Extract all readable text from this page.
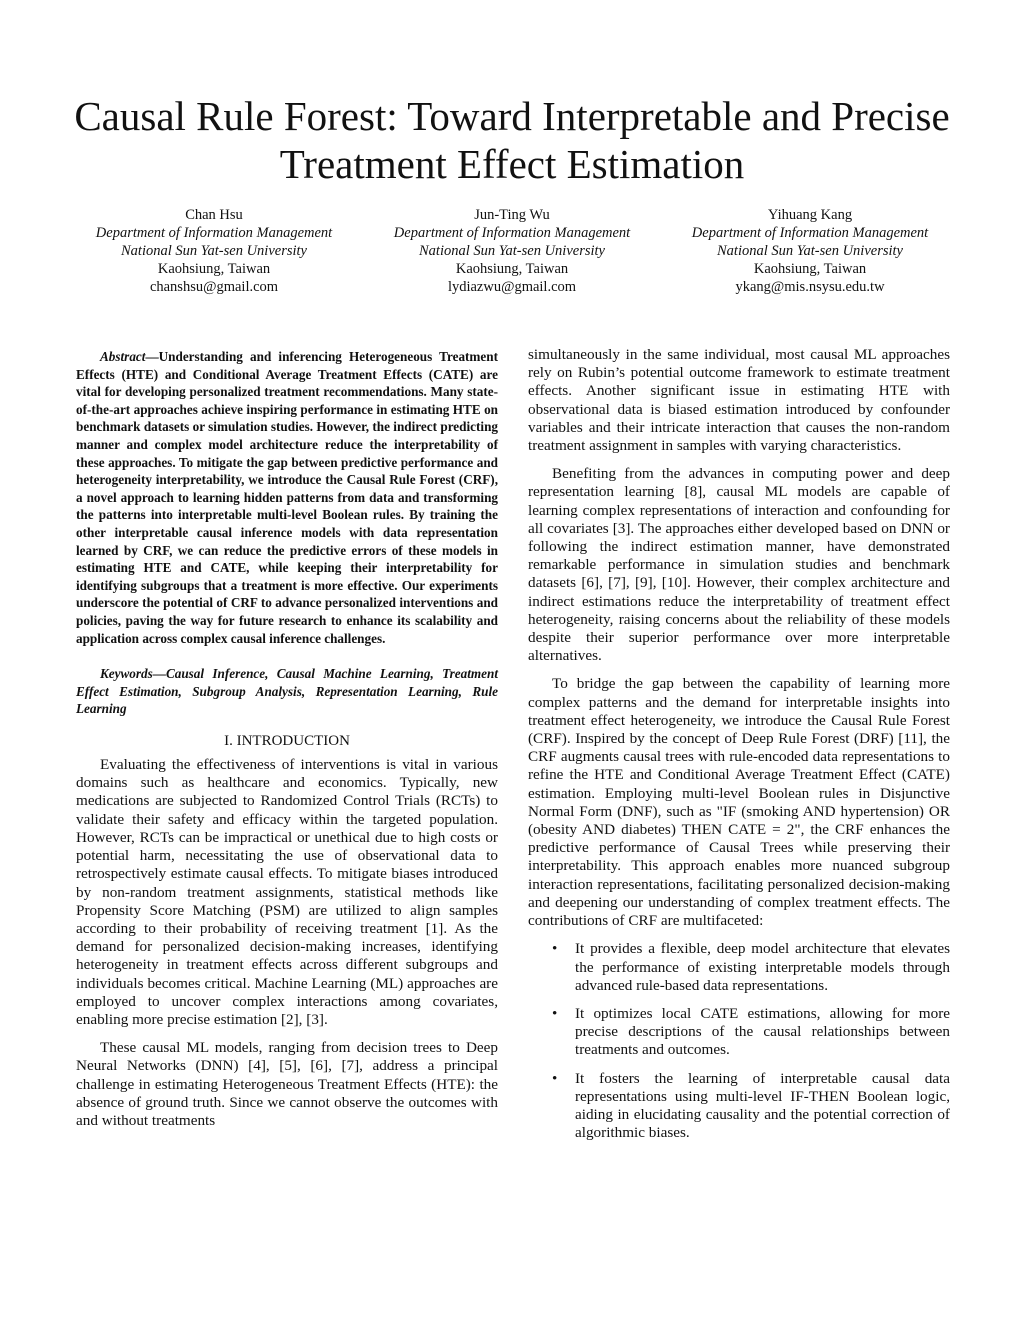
Causal Rule Forest: Toward Interpretable and Precise Treatment Effect Estimation
Chan Hsu
Department of Information Management
National Sun Yat-sen University
Kaohsiung, Taiwan
chanshsu@gmail.com
Jun-Ting Wu
Department of Information Management
National Sun Yat-sen University
Kaohsiung, Taiwan
lydiazwu@gmail.com
Yihuang Kang
Department of Information Management
National Sun Yat-sen University
Kaohsiung, Taiwan
ykang@mis.nsysu.edu.tw

Abstract—Understanding and inferencing Heterogeneous Treatment Effects (HTE) and Conditional Average Treatment Effects (CATE) are vital for developing personalized treatment recommendations. Many state-of-the-art approaches achieve inspiring performance in estimating HTE on benchmark datasets or simulation studies. However, the indirect predicting manner and complex model architecture reduce the interpretability of these approaches. To mitigate the gap between predictive performance and heterogeneity interpretability, we introduce the Causal Rule Forest (CRF), a novel approach to learning hidden patterns from data and transforming the patterns into interpretable multi-level Boolean rules. By training the other interpretable causal inference models with data representation learned by CRF, we can reduce the predictive errors of these models in estimating HTE and CATE, while keeping their interpretability for identifying subgroups that a treatment is more effective. Our experiments underscore the potential of CRF to advance personalized interventions and policies, paving the way for future research to enhance its scalability and application across complex causal inference challenges.

Keywords—Causal Inference, Causal Machine Learning, Treatment Effect Estimation, Subgroup Analysis, Representation Learning, Rule Learning

I. INTRODUCTION

Evaluating the effectiveness of interventions is vital in various domains such as healthcare and economics. Typically, new medications are subjected to Randomized Control Trials (RCTs) to validate their safety and efficacy within the targeted population. However, RCTs can be impractical or unethical due to high costs or potential harm, necessitating the use of observational data to retrospectively estimate causal effects. To mitigate biases introduced by non-random treatment assignments, statistical methods like Propensity Score Matching (PSM) are utilized to align samples according to their probability of receiving treatment [1]. As the demand for personalized decision-making increases, identifying heterogeneity in treatment effects across different subgroups and individuals becomes critical. Machine Learning (ML) approaches are employed to uncover complex interactions among covariates, enabling more precise estimation [2], [3].

These causal ML models, ranging from decision trees to Deep Neural Networks (DNN) [4], [5], [6], [7], address a principal challenge in estimating Heterogeneous Treatment Effects (HTE): the absence of ground truth. Since we cannot observe the outcomes with and without treatments

simultaneously in the same individual, most causal ML approaches rely on Rubin’s potential outcome framework to estimate treatment effects. Another significant issue in estimating HTE with observational data is biased estimation introduced by confounder variables and their intricate interaction that causes the non-random treatment assignment in samples with varying characteristics.

Benefiting from the advances in computing power and deep representation learning [8], causal ML models are capable of learning complex representations of interaction and confounding for all covariates [3]. The approaches either developed based on DNN or following the indirect estimation manner, have demonstrated remarkable performance in simulation studies and benchmark datasets [6], [7], [9], [10]. However, their complex architecture and indirect estimations reduce the interpretability of treatment effect heterogeneity, raising concerns about the reliability of these models despite their superior performance over more interpretable alternatives.

To bridge the gap between the capability of learning more complex patterns and the demand for interpretable insights into treatment effect heterogeneity, we introduce the Causal Rule Forest (CRF). Inspired by the concept of Deep Rule Forest (DRF) [11], the CRF augments causal trees with rule-encoded data representations to refine the HTE and Conditional Average Treatment Effect (CATE) estimation. Employing multi-level Boolean rules in Disjunctive Normal Form (DNF), such as "IF (smoking AND hypertension) OR (obesity AND diabetes) THEN CATE = 2", the CRF enhances the predictive performance of Causal Trees while preserving their interpretability. This approach enables more nuanced subgroup interaction representations, facilitating personalized decision-making and deepening our understanding of complex treatment effects. The contributions of CRF are multifaceted:

• It provides a flexible, deep model architecture that elevates the performance of existing interpretable models through advanced rule-based data representations.
• It optimizes local CATE estimations, allowing for more precise descriptions of the causal relationships between treatments and outcomes.
• It fosters the learning of interpretable causal data representations using multi-level IF-THEN Boolean logic, aiding in elucidating causality and the potential correction of algorithmic biases.
